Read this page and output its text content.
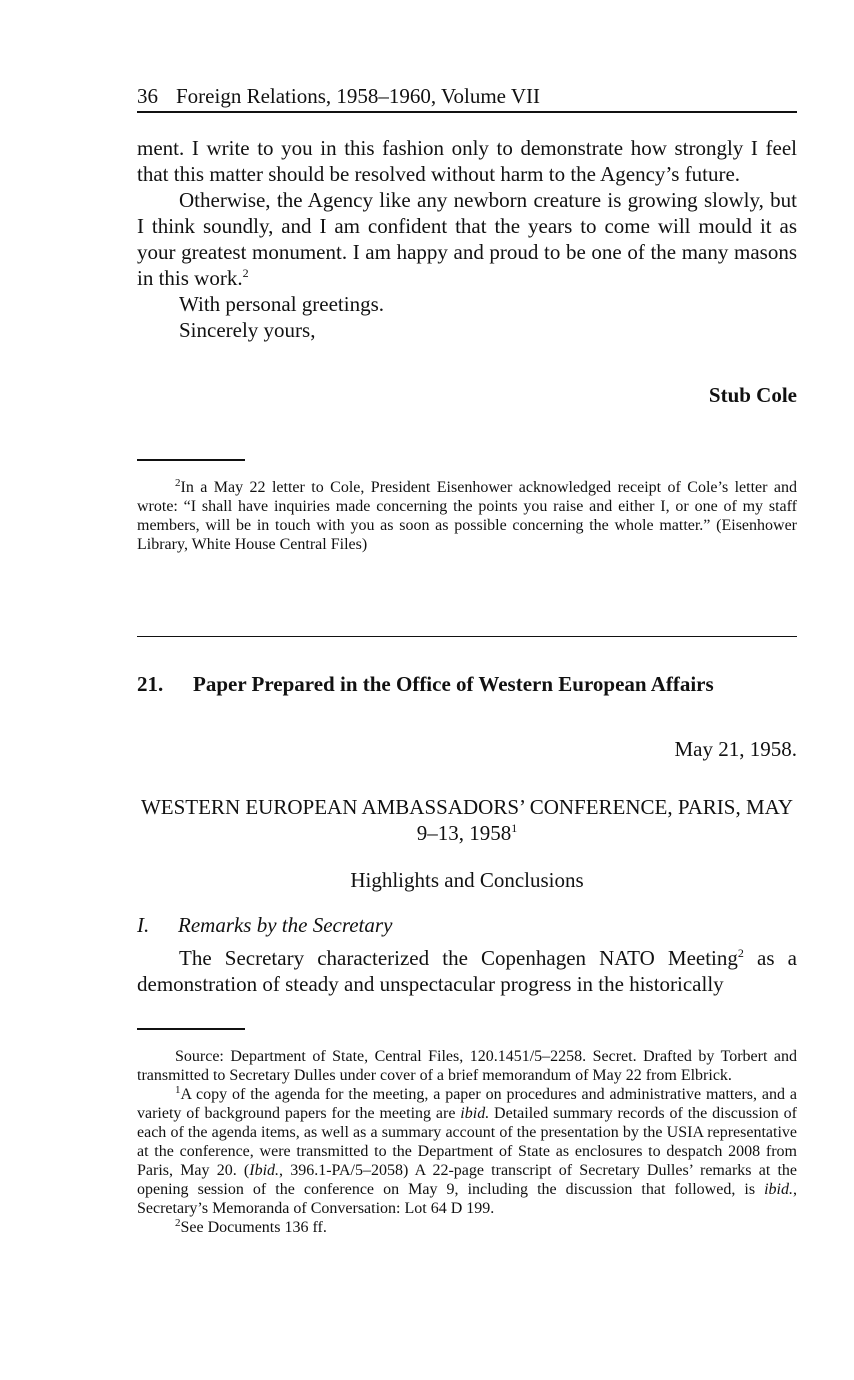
36 Foreign Relations, 1958–1960, Volume VII

ment. I write to you in this fashion only to demonstrate how strongly I feel that this matter should be resolved without harm to the Agency’s future.

Otherwise, the Agency like any newborn creature is growing slowly, but I think soundly, and I am confident that the years to come will mould it as your greatest monument. I am happy and proud to be one of the many masons in this work.$^2$

With personal greetings.

Sincerely yours,

Stub Cole

$^2$In a May 22 letter to Cole, President Eisenhower acknowledged receipt of Cole’s letter and wrote: “I shall have inquiries made concerning the points you raise and either I, or one of my staff members, will be in touch with you as soon as possible concerning the whole matter.” (Eisenhower Library, White House Central Files)

21. Paper Prepared in the Office of Western European Affairs
May 21, 1958.
WESTERN EUROPEAN AMBASSADORS’ CONFERENCE, PARIS, MAY 9–13, 1958$^1$
Highlights and Conclusions
I. Remarks by the Secretary

The Secretary characterized the Copenhagen NATO Meeting$^2$ as a demonstration of steady and unspectacular progress in the historically

Source: Department of State, Central Files, 120.1451/5–2258. Secret. Drafted by Torbert and transmitted to Secretary Dulles under cover of a brief memorandum of May 22 from Elbrick.

$^1$A copy of the agenda for the meeting, a paper on procedures and administrative matters, and a variety of background papers for the meeting are ibid. Detailed summary records of the discussion of each of the agenda items, as well as a summary account of the presentation by the USIA representative at the conference, were transmitted to the Department of State as enclosures to despatch 2008 from Paris, May 20. (Ibid., 396.1-PA/5–2058) A 22-page transcript of Secretary Dulles’ remarks at the opening session of the conference on May 9, including the discussion that followed, is ibid., Secretary’s Memoranda of Conversation: Lot 64 D 199.

$^2$See Documents 136 ff.
